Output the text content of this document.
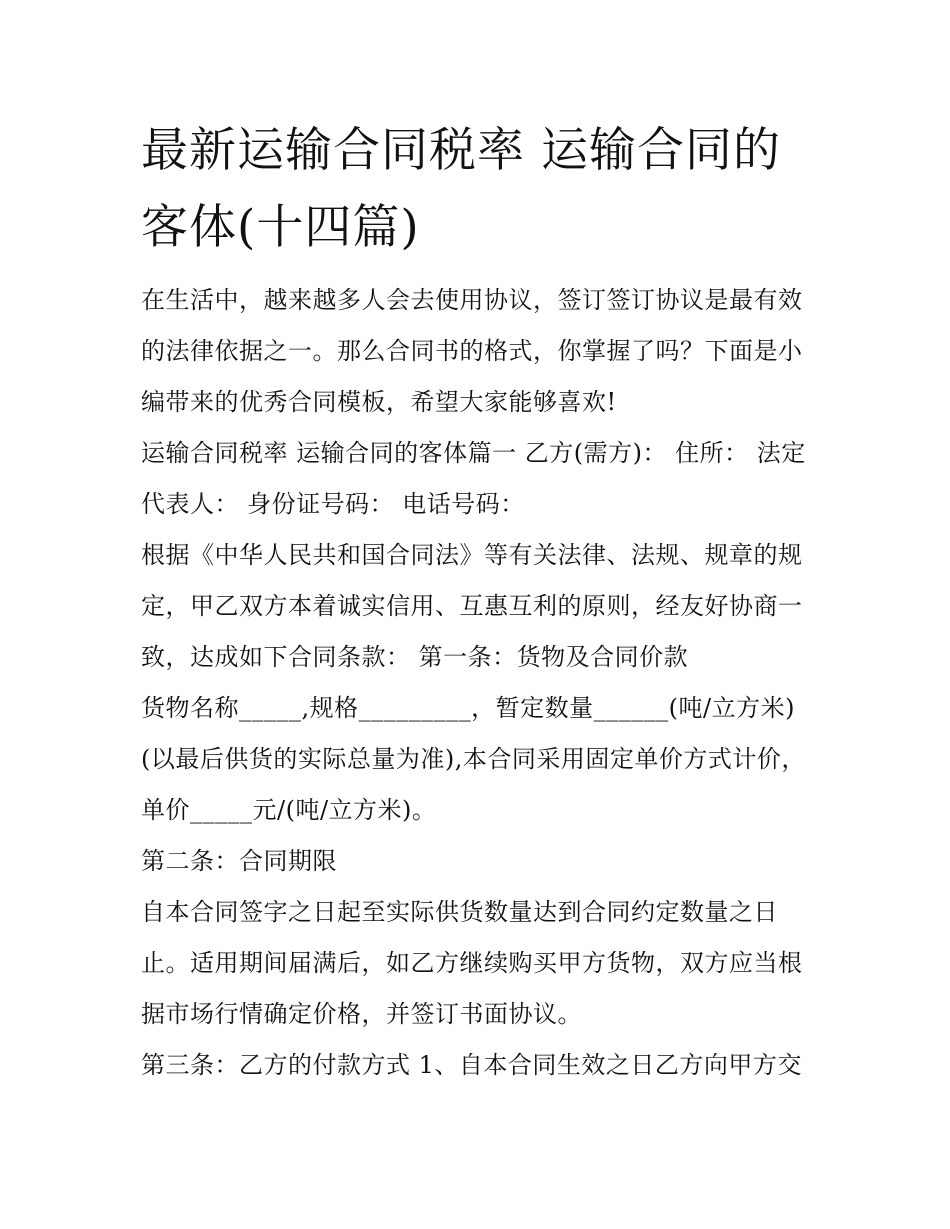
最新运输合同税率 运输合同的
客体(十四篇)
在生活中，越来越多人会去使用协议，签订签订协议是最有效
的法律依据之一。那么合同书的格式，你掌握了吗？下面是小
编带来的优秀合同模板，希望大家能够喜欢!
运输合同税率 运输合同的客体篇一 乙方(需方)： 住所： 法定
代表人： 身份证号码： 电话号码：
根据《中华人民共和国合同法》等有关法律、法规、规章的规
定，甲乙双方本着诚实信用、互惠互利的原则，经友好协商一
致，达成如下合同条款： 第一条：货物及合同价款
货物名称_____,规格_________，暂定数量______(吨/立方米)
(以最后供货的实际总量为准),本合同采用固定单价方式计价，
单价_____元/(吨/立方米)。
第二条：合同期限
自本合同签字之日起至实际供货数量达到合同约定数量之日
止。适用期间届满后，如乙方继续购买甲方货物，双方应当根
据市场行情确定价格，并签订书面协议。
第三条：乙方的付款方式 1、自本合同生效之日乙方向甲方交
